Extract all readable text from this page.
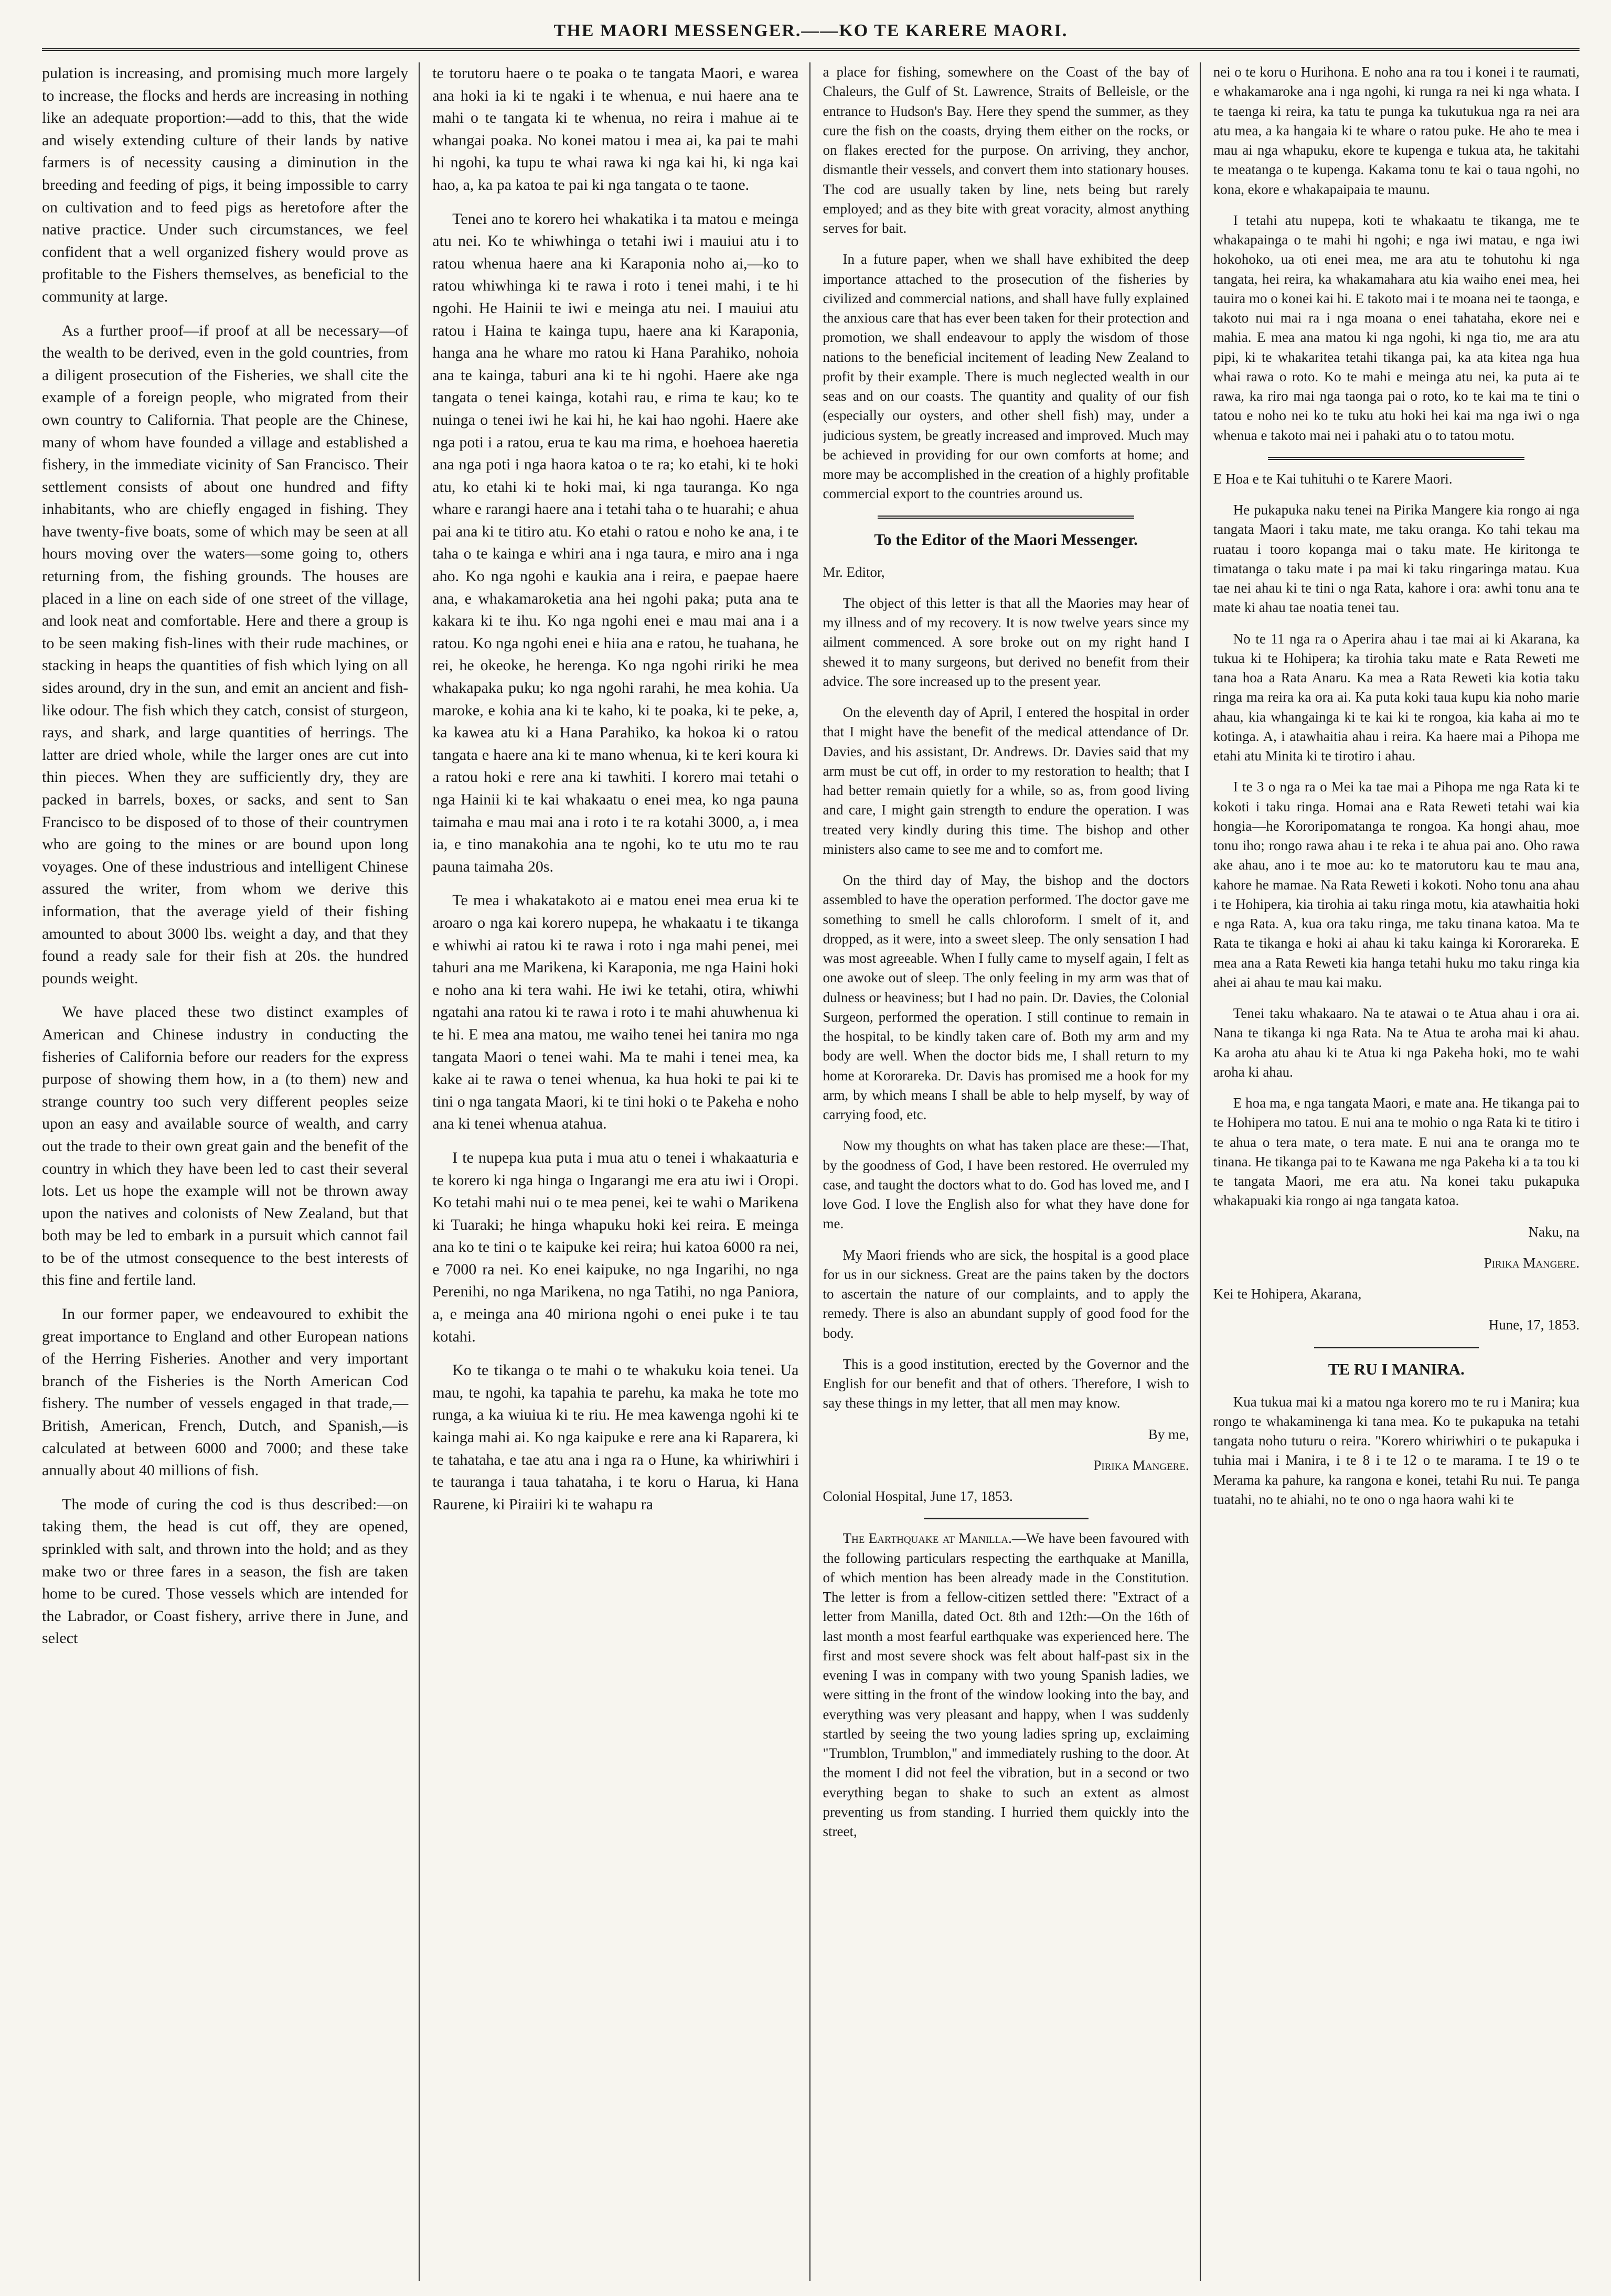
THE MAORI MESSENGER.——KO TE KARERE MAORI.

pulation is increasing, and promising much more largely to increase, the flocks and herds are increasing in nothing like an adequate proportion:—add to this, that the wide and wisely extending culture of their lands by native farmers is of necessity causing a diminution in the breeding and feeding of pigs, it being impossible to carry on cultivation and to feed pigs as heretofore after the native practice. Under such circumstances, we feel confident that a well organized fishery would prove as profitable to the Fishers themselves, as beneficial to the community at large.

As a further proof—if proof at all be necessary—of the wealth to be derived, even in the gold countries, from a diligent prosecution of the Fisheries, we shall cite the example of a foreign people, who migrated from their own country to California. That people are the Chinese, many of whom have founded a village and established a fishery, in the immediate vicinity of San Francisco. Their settlement consists of about one hundred and fifty inhabitants, who are chiefly engaged in fishing. They have twenty-five boats, some of which may be seen at all hours moving over the waters—some going to, others returning from, the fishing grounds. The houses are placed in a line on each side of one street of the village, and look neat and comfortable. Here and there a group is to be seen making fish-lines with their rude machines, or stacking in heaps the quantities of fish which lying on all sides around, dry in the sun, and emit an ancient and fish-like odour. The fish which they catch, consist of sturgeon, rays, and shark, and large quantities of herrings. The latter are dried whole, while the larger ones are cut into thin pieces. When they are sufficiently dry, they are packed in barrels, boxes, or sacks, and sent to San Francisco to be disposed of to those of their countrymen who are going to the mines or are bound upon long voyages. One of these industrious and intelligent Chinese assured the writer, from whom we derive this information, that the average yield of their fishing amounted to about 3000 lbs. weight a day, and that they found a ready sale for their fish at 20s. the hundred pounds weight.

We have placed these two distinct examples of American and Chinese industry in conducting the fisheries of California before our readers for the express purpose of showing them how, in a (to them) new and strange country too such very different peoples seize upon an easy and available source of wealth, and carry out the trade to their own great gain and the benefit of the country in which they have been led to cast their several lots. Let us hope the example will not be thrown away upon the natives and colonists of New Zealand, but that both may be led to embark in a pursuit which cannot fail to be of the utmost consequence to the best interests of this fine and fertile land.

In our former paper, we endeavoured to exhibit the great importance to England and other European nations of the Herring Fisheries. Another and very important branch of the Fisheries is the North American Cod fishery. The number of vessels engaged in that trade,—British, American, French, Dutch, and Spanish,—is calculated at between 6000 and 7000; and these take annually about 40 millions of fish.

The mode of curing the cod is thus described:—on taking them, the head is cut off, they are opened, sprinkled with salt, and thrown into the hold; and as they make two or three fares in a season, the fish are taken home to be cured. Those vessels which are intended for the Labrador, or Coast fishery, arrive there in June, and select

te torutoru haere o te poaka o te tangata Maori, e warea ana hoki ia ki te ngaki i te whenua, e nui haere ana te mahi o te tangata ki te whenua, no reira i mahue ai te whangai poaka. No konei matou i mea ai, ka pai te mahi hi ngohi, ka tupu te whai rawa ki nga kai hi, ki nga kai hao, a, ka pa katoa te pai ki nga tangata o te taone.

Tenei ano te korero hei whakatika i ta matou e meinga atu nei. Ko te whiwhinga o tetahi iwi i mauiui atu i to ratou whenua haere ana ki Karaponia noho ai,—ko to ratou whiwhinga ki te rawa i roto i tenei mahi, i te hi ngohi. He Hainii te iwi e meinga atu nei. I mauiui atu ratou i Haina te kainga tupu, haere ana ki Karaponia, hanga ana he whare mo ratou ki Hana Parahiko, nohoia ana te kainga, taburi ana ki te hi ngohi. Haere ake nga tangata o tenei kainga, kotahi rau, e rima te kau; ko te nuinga o tenei iwi he kai hi, he kai hao ngohi. Haere ake nga poti i a ratou, erua te kau ma rima, e hoehoea haeretia ana nga poti i nga haora katoa o te ra; ko etahi, ki te hoki atu, ko etahi ki te hoki mai, ki nga tauranga. Ko nga whare e rarangi haere ana i tetahi taha o te huarahi; e ahua pai ana ki te titiro atu. Ko etahi o ratou e noho ke ana, i te taha o te kainga e whiri ana i nga taura, e miro ana i nga aho. Ko nga ngohi e kaukia ana i reira, e paepae haere ana, e whakamaroketia ana hei ngohi paka; puta ana te kakara ki te ihu. Ko nga ngohi enei e mau mai ana i a ratou. Ko nga ngohi enei e hiia ana e ratou, he tuahana, he rei, he okeoke, he herenga. Ko nga ngohi ririki he mea whakapaka puku; ko nga ngohi rarahi, he mea kohia. Ua maroke, e kohia ana ki te kaho, ki te poaka, ki te peke, a, ka kawea atu ki a Hana Parahiko, ka hokoa ki o ratou tangata e haere ana ki te mano whenua, ki te keri koura ki a ratou hoki e rere ana ki tawhiti. I korero mai tetahi o nga Hainii ki te kai whakaatu o enei mea, ko nga pauna taimaha e mau mai ana i roto i te ra kotahi 3000, a, i mea ia, e tino manakohia ana te ngohi, ko te utu mo te rau pauna taimaha 20s.

Te mea i whakatakoto ai e matou enei mea erua ki te aroaro o nga kai korero nupepa, he whakaatu i te tikanga e whiwhi ai ratou ki te rawa i roto i nga mahi penei, mei tahuri ana me Marikena, ki Karaponia, me nga Haini hoki e noho ana ki tera wahi. He iwi ke tetahi, otira, whiwhi ngatahi ana ratou ki te rawa i roto i te mahi ahuwhenua ki te hi. E mea ana matou, me waiho tenei hei tanira mo nga tangata Maori o tenei wahi. Ma te mahi i tenei mea, ka kake ai te rawa o tenei whenua, ka hua hoki te pai ki te tini o nga tangata Maori, ki te tini hoki o te Pakeha e noho ana ki tenei whenua atahua.

I te nupepa kua puta i mua atu o tenei i whakaaturia e te korero ki nga hinga o Ingarangi me era atu iwi i Oropi. Ko tetahi mahi nui o te mea penei, kei te wahi o Marikena ki Tuaraki; he hinga whapuku hoki kei reira. E meinga ana ko te tini o te kaipuke kei reira; hui katoa 6000 ra nei, e 7000 ra nei. Ko enei kaipuke, no nga Ingarihi, no nga Perenihi, no nga Marikena, no nga Tatihi, no nga Paniora, a, e meinga ana 40 miriona ngohi o enei puke i te tau kotahi.

Ko te tikanga o te mahi o te whakuku koia tenei. Ua mau, te ngohi, ka tapahia te parehu, ka maka he tote mo runga, a ka wiuiua ki te riu. He mea kawenga ngohi ki te kainga mahi ai. Ko nga kaipuke e rere ana ki Raparera, ki te tahataha, e tae atu ana i nga ra o Hune, ka whiriwhiri i te tauranga i taua tahataha, i te koru o Harua, ki Hana Raurene, ki Piraiiri ki te wahapu ra

a place for fishing, somewhere on the Coast of the bay of Chaleurs, the Gulf of St. Lawrence, Straits of Belleisle, or the entrance to Hudson's Bay. Here they spend the summer, as they cure the fish on the coasts, drying them either on the rocks, or on flakes erected for the purpose. On arriving, they anchor, dismantle their vessels, and convert them into stationary houses. The cod are usually taken by line, nets being but rarely employed; and as they bite with great voracity, almost anything serves for bait.

In a future paper, when we shall have exhibited the deep importance attached to the prosecution of the fisheries by civilized and commercial nations, and shall have fully explained the anxious care that has ever been taken for their protection and promotion, we shall endeavour to apply the wisdom of those nations to the beneficial incitement of leading New Zealand to profit by their example. There is much neglected wealth in our seas and on our coasts. The quantity and quality of our fish (especially our oysters, and other shell fish) may, under a judicious system, be greatly increased and improved. Much may be achieved in providing for our own comforts at home; and more may be accomplished in the creation of a highly profitable commercial export to the countries around us.

To the Editor of the Maori Messenger.

Mr. Editor,

The object of this letter is that all the Maories may hear of my illness and of my recovery. It is now twelve years since my ailment commenced. A sore broke out on my right hand I shewed it to many surgeons, but derived no benefit from their advice. The sore increased up to the present year.

On the eleventh day of April, I entered the hospital in order that I might have the benefit of the medical attendance of Dr. Davies, and his assistant, Dr. Andrews. Dr. Davies said that my arm must be cut off, in order to my restoration to health; that I had better remain quietly for a while, so as, from good living and care, I might gain strength to endure the operation. I was treated very kindly during this time. The bishop and other ministers also came to see me and to comfort me.

On the third day of May, the bishop and the doctors assembled to have the operation performed. The doctor gave me something to smell he calls chloroform. I smelt of it, and dropped, as it were, into a sweet sleep. The only sensation I had was most agreeable. When I fully came to myself again, I felt as one awoke out of sleep. The only feeling in my arm was that of dulness or heaviness; but I had no pain. Dr. Davies, the Colonial Surgeon, performed the operation. I still continue to remain in the hospital, to be kindly taken care of. Both my arm and my body are well. When the doctor bids me, I shall return to my home at Kororareka. Dr. Davis has promised me a hook for my arm, by which means I shall be able to help myself, by way of carrying food, etc.

Now my thoughts on what has taken place are these:—That, by the goodness of God, I have been restored. He overruled my case, and taught the doctors what to do. God has loved me, and I love God. I love the English also for what they have done for me.

My Maori friends who are sick, the hospital is a good place for us in our sickness. Great are the pains taken by the doctors to ascertain the nature of our complaints, and to apply the remedy. There is also an abundant supply of good food for the body.

This is a good institution, erected by the Governor and the English for our benefit and that of others. Therefore, I wish to say these things in my letter, that all men may know.

By me,

Pirika Mangere.

Colonial Hospital, June 17, 1853.

The Earthquake at Manilla.—We have been favoured with the following particulars respecting the earthquake at Manilla, of which mention has been already made in the Constitution. The letter is from a fellow-citizen settled there: "Extract of a letter from Manilla, dated Oct. 8th and 12th:—On the 16th of last month a most fearful earthquake was experienced here. The first and most severe shock was felt about half-past six in the evening I was in company with two young Spanish ladies, we were sitting in the front of the window looking into the bay, and everything was very pleasant and happy, when I was suddenly startled by seeing the two young ladies spring up, exclaiming "Trumblon, Trumblon," and immediately rushing to the door. At the moment I did not feel the vibration, but in a second or two everything began to shake to such an extent as almost preventing us from standing. I hurried them quickly into the street,

nei o te koru o Hurihona. E noho ana ra tou i konei i te raumati, e whakamaroke ana i nga ngohi, ki runga ra nei ki nga whata. I te taenga ki reira, ka tatu te punga ka tukutukua nga ra nei ara atu mea, a ka hangaia ki te whare o ratou puke. He aho te mea i mau ai nga whapuku, ekore te kupenga e tukua ata, he takitahi te meatanga o te kupenga. Kakama tonu te kai o taua ngohi, no kona, ekore e whakapaipaia te maunu.

I tetahi atu nupepa, koti te whakaatu te tikanga, me te whakapainga o te mahi hi ngohi; e nga iwi matau, e nga iwi hokohoko, ua oti enei mea, me ara atu te tohutohu ki nga tangata, hei reira, ka whakamahara atu kia waiho enei mea, hei tauira mo o konei kai hi. E takoto mai i te moana nei te taonga, e takoto nui mai ra i nga moana o enei tahataha, ekore nei e mahia. E mea ana matou ki nga ngohi, ki nga tio, me ara atu pipi, ki te whakaritea tetahi tikanga pai, ka ata kitea nga hua whai rawa o roto. Ko te mahi e meinga atu nei, ka puta ai te rawa, ka riro mai nga taonga pai o roto, ko te kai ma te tini o tatou e noho nei ko te tuku atu hoki hei kai ma nga iwi o nga whenua e takoto mai nei i pahaki atu o to tatou motu.

E Hoa e te Kai tuhituhi o te Karere Maori.

He pukapuka naku tenei na Pirika Mangere kia rongo ai nga tangata Maori i taku mate, me taku oranga. Ko tahi tekau ma ruatau i tooro kopanga mai o taku mate. He kiritonga te timatanga o taku mate i pa mai ki taku ringaringa matau. Kua tae nei ahau ki te tini o nga Rata, kahore i ora: awhi tonu ana te mate ki ahau tae noatia tenei tau.

No te 11 nga ra o Aperira ahau i tae mai ai ki Akarana, ka tukua ki te Hohipera; ka tirohia taku mate e Rata Reweti me tana hoa a Rata Anaru. Ka mea a Rata Reweti kia kotia taku ringa ma reira ka ora ai. Ka puta koki taua kupu kia noho marie ahau, kia whangainga ki te kai ki te rongoa, kia kaha ai mo te kotinga. A, i atawhaitia ahau i reira. Ka haere mai a Pihopa me etahi atu Minita ki te tirotiro i ahau.

I te 3 o nga ra o Mei ka tae mai a Pihopa me nga Rata ki te kokoti i taku ringa. Homai ana e Rata Reweti tetahi wai kia hongia—he Kororipomatanga te rongoa. Ka hongi ahau, moe tonu iho; rongo rawa ahau i te reka i te ahua pai ano. Oho rawa ake ahau, ano i te moe au: ko te matorutoru kau te mau ana, kahore he mamae. Na Rata Reweti i kokoti. Noho tonu ana ahau i te Hohipera, kia tirohia ai taku ringa motu, kia atawhaitia hoki e nga Rata. A, kua ora taku ringa, me taku tinana katoa. Ma te Rata te tikanga e hoki ai ahau ki taku kainga ki Kororareka. E mea ana a Rata Reweti kia hanga tetahi huku mo taku ringa kia ahei ai ahau te mau kai maku.

Tenei taku whakaaro. Na te atawai o te Atua ahau i ora ai. Nana te tikanga ki nga Rata. Na te Atua te aroha mai ki ahau. Ka aroha atu ahau ki te Atua ki nga Pakeha hoki, mo te wahi aroha ki ahau.

E hoa ma, e nga tangata Maori, e mate ana. He tikanga pai to te Hohipera mo tatou. E nui ana te mohio o nga Rata ki te titiro i te ahua o tera mate, o tera mate. E nui ana te oranga mo te tinana. He tikanga pai to te Kawana me nga Pakeha ki a ta tou ki te tangata Maori, me era atu. Na konei taku pukapuka whakapuaki kia rongo ai nga tangata katoa.

Naku, na

Pirika Mangere.

Kei te Hohipera, Akarana,

Hune, 17, 1853.

TE RU I MANIRA.

Kua tukua mai ki a matou nga korero mo te ru i Manira; kua rongo te whakaminenga ki tana mea. Ko te pukapuka na tetahi tangata noho tuturu o reira. "Korero whiriwhiri o te pukapuka i tuhia mai i Manira, i te 8 i te 12 o te marama. I te 19 o te Merama ka pahure, ka rangona e konei, tetahi Ru nui. Te panga tuatahi, no te ahiahi, no te ono o nga haora wahi ki te
